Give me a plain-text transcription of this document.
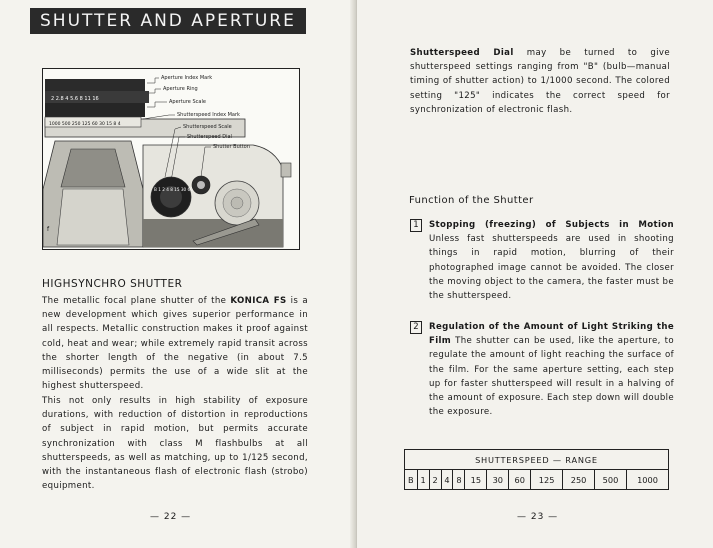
SHUTTER AND APERTURE
2 2.8 4 5.6 8 11 16
1000 500 250 125 60 30 15 8 4
B 1 2 4 8 15 30 60
f
Aperture Index Mark
Aperture Ring
Aperture Scale
Shutterspeed Index Mark
Shutterspeed Scale
Shutterspeed Dial
Shutter Button
HIGHSYNCHRO SHUTTER
The metallic focal plane shutter of the KONICA FS is a new development which gives superior performance in all respects. Metallic construction makes it proof against cold, heat and wear; while extremely rapid transit across the shorter length of the negative (in about 7.5 milliseconds) permits the use of a wide slit at the highest shutterspeed.
This not only results in high stability of exposure durations, with reduction of distortion in reproductions of subject in rapid motion, but permits accurate synchronization with class M flashbulbs at all shutterspeeds, as well as matching, up to 1/125 second, with the instantaneous flash of electronic flash (strobo) equipment.
— 22 —
Shutterspeed Dial may be turned to give shutterspeed settings ranging from "B" (bulb—manual timing of shutter action) to 1/1000 second. The colored setting "125" indicates the correct speed for synchronization of electronic flash.
Function of the Shutter
1	Stopping (freezing) of Subjects in Motion Unless fast shutterspeeds are used in shooting things in rapid motion, blurring of their photographed image cannot be avoided. The closer the moving object to the camera, the faster must be the shutterspeed.
2	Regulation of the Amount of Light Striking the Film The shutter can be used, like the aperture, to regulate the amount of light reaching the surface of the film. For the same aperture setting, each step up for faster shutterspeed will result in a halving of the amount of exposure. Each step down will double the exposure.
SHUTTERSPEED — RANGE
B	1	2	4	8	15	30	60	125	250	500	1000
— 23 —
